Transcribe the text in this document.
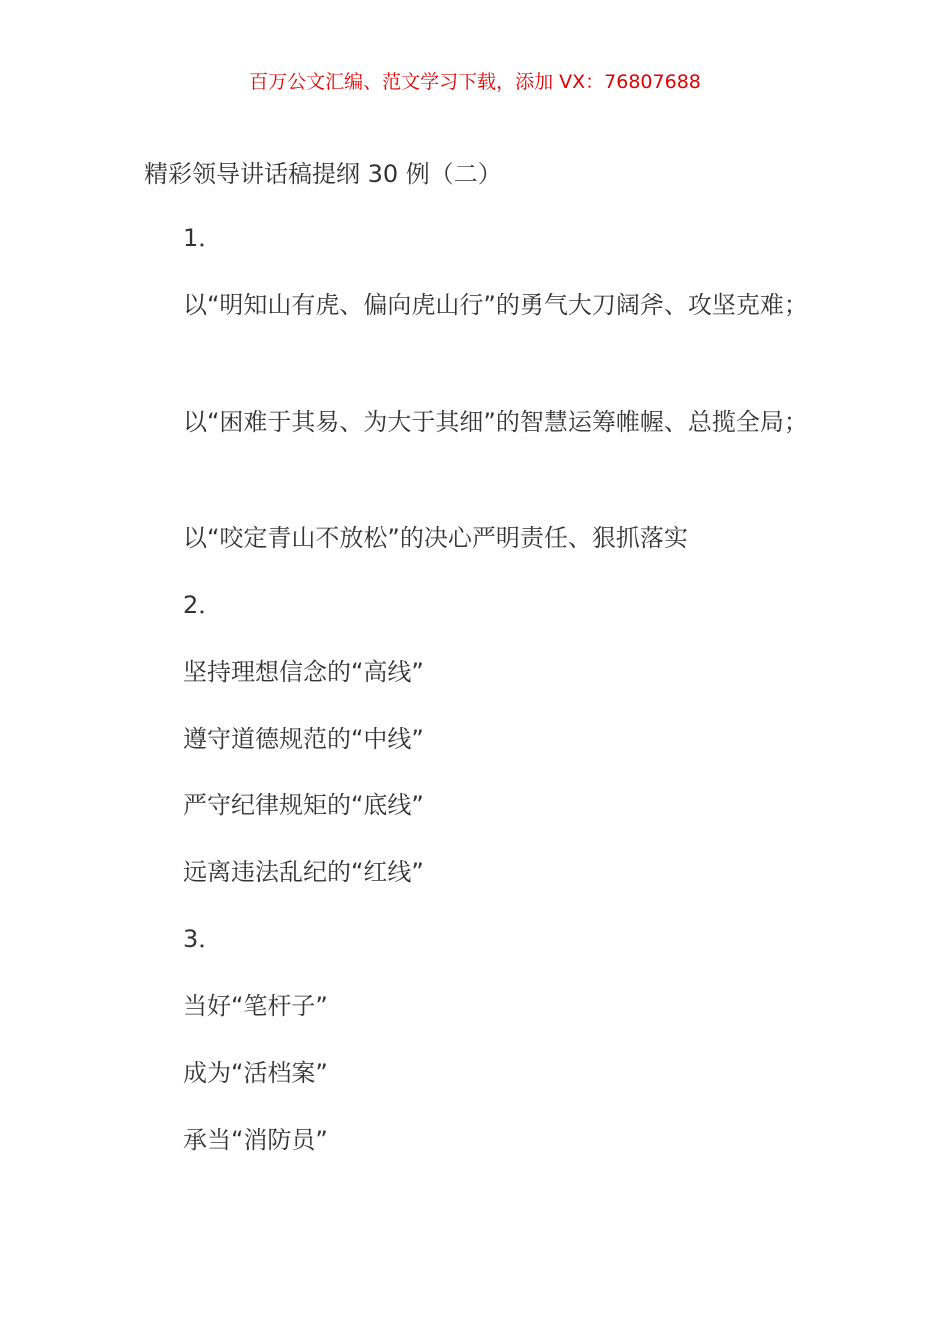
百万公文汇编、范文学习下载，添加 VX：76807688
精彩领导讲话稿提纲 30 例（二）
1．
以“明知山有虎、偏向虎山行”的勇气大刀阔斧、攻坚克难；
以“困难于其易、为大于其细”的智慧运筹帷幄、总揽全局；
以“咬定青山不放松”的决心严明责任、狠抓落实
2．
坚持理想信念的“高线”
遵守道德规范的“中线”
严守纪律规矩的“底线”
远离违法乱纪的“红线”
3．
当好“笔杆子”
成为“活档案”
承当“消防员”
